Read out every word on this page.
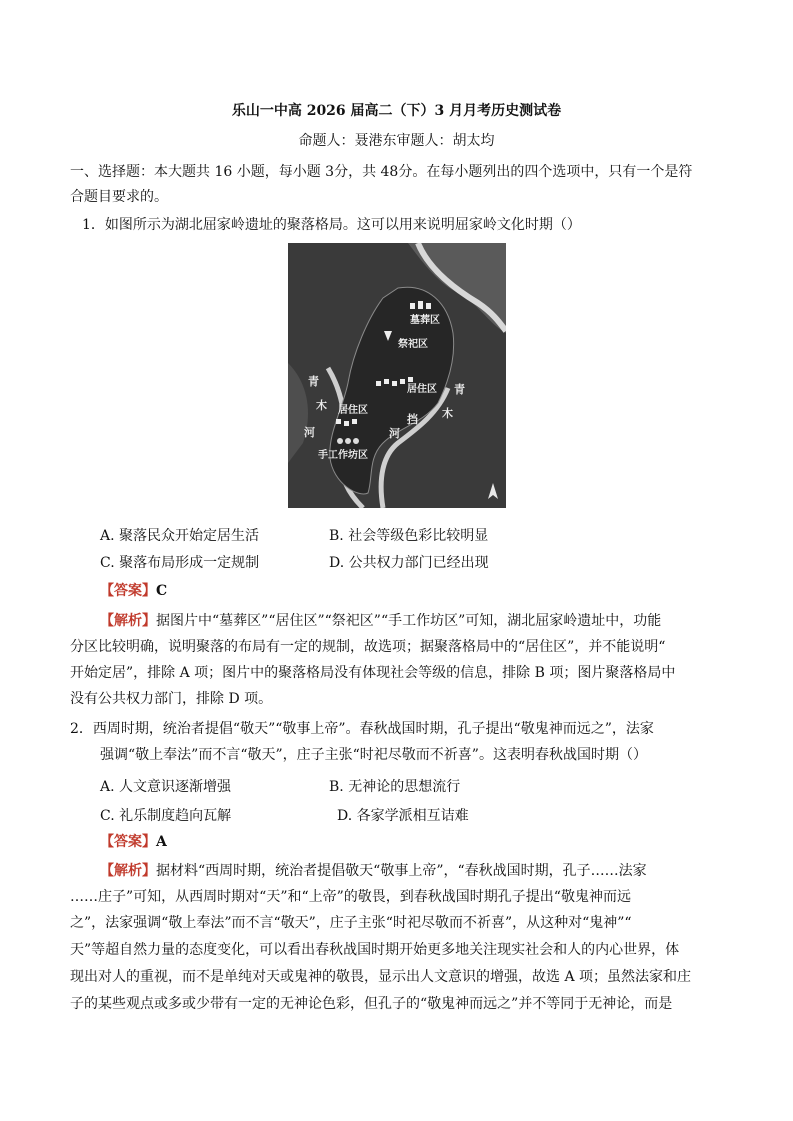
乐山一中高 2026 届高二（下）3 月月考历史测试卷
命题人：聂港东审题人：胡太均
一、选择题：本大题共 16 小题，每小题 3分，共 48分。在每小题列出的四个选项中，只有一个是符
合题目要求的。
1．如图所示为湖北屈家岭遗址的聚落格局。这可以用来说明屈家岭文化时期（）
墓葬区
祭祀区
居住区
居住区
手工作坊区
青
木
河
青
木
挡
河
A. 聚落民众开始定居生活	B. 社会等级色彩比较明显
C. 聚落布局形成一定规制	D. 公共权力部门已经出现
【答案】C
【解析】据图片中“墓葬区”“居住区”“祭祀区”“手工作坊区”可知，湖北屈家岭遗址中，功能
分区比较明确，说明聚落的布局有一定的规制，故选项；据聚落格局中的“居住区”，并不能说明“
开始定居”，排除 A 项；图片中的聚落格局没有体现社会等级的信息，排除 B 项；图片聚落格局中
没有公共权力部门，排除 D 项。
2．西周时期，统治者提倡“敬天”“敬事上帝”。春秋战国时期，孔子提出“敬鬼神而远之”，法家
强调“敬上奉法”而不言“敬天”，庄子主张“时祀尽敬而不祈喜”。这表明春秋战国时期（）
A. 人文意识逐渐增强	B. 无神论的思想流行
C. 礼乐制度趋向瓦解	D. 各家学派相互诘难
【答案】A
【解析】据材料“西周时期，统治者提倡敬天“敬事上帝”，“春秋战国时期，孔子……法家
……庄子”可知，从西周时期对“天”和“上帝”的敬畏，到春秋战国时期孔子提出“敬鬼神而远
之”，法家强调“敬上奉法”而不言“敬天”，庄子主张“时祀尽敬而不祈喜”，从这种对“鬼神”“
天”等超自然力量的态度变化，可以看出春秋战国时期开始更多地关注现实社会和人的内心世界，体
现出对人的重视，而不是单纯对天或鬼神的敬畏，显示出人文意识的增强，故选 A 项；虽然法家和庄
子的某些观点或多或少带有一定的无神论色彩，但孔子的“敬鬼神而远之”并不等同于无神论，而是
